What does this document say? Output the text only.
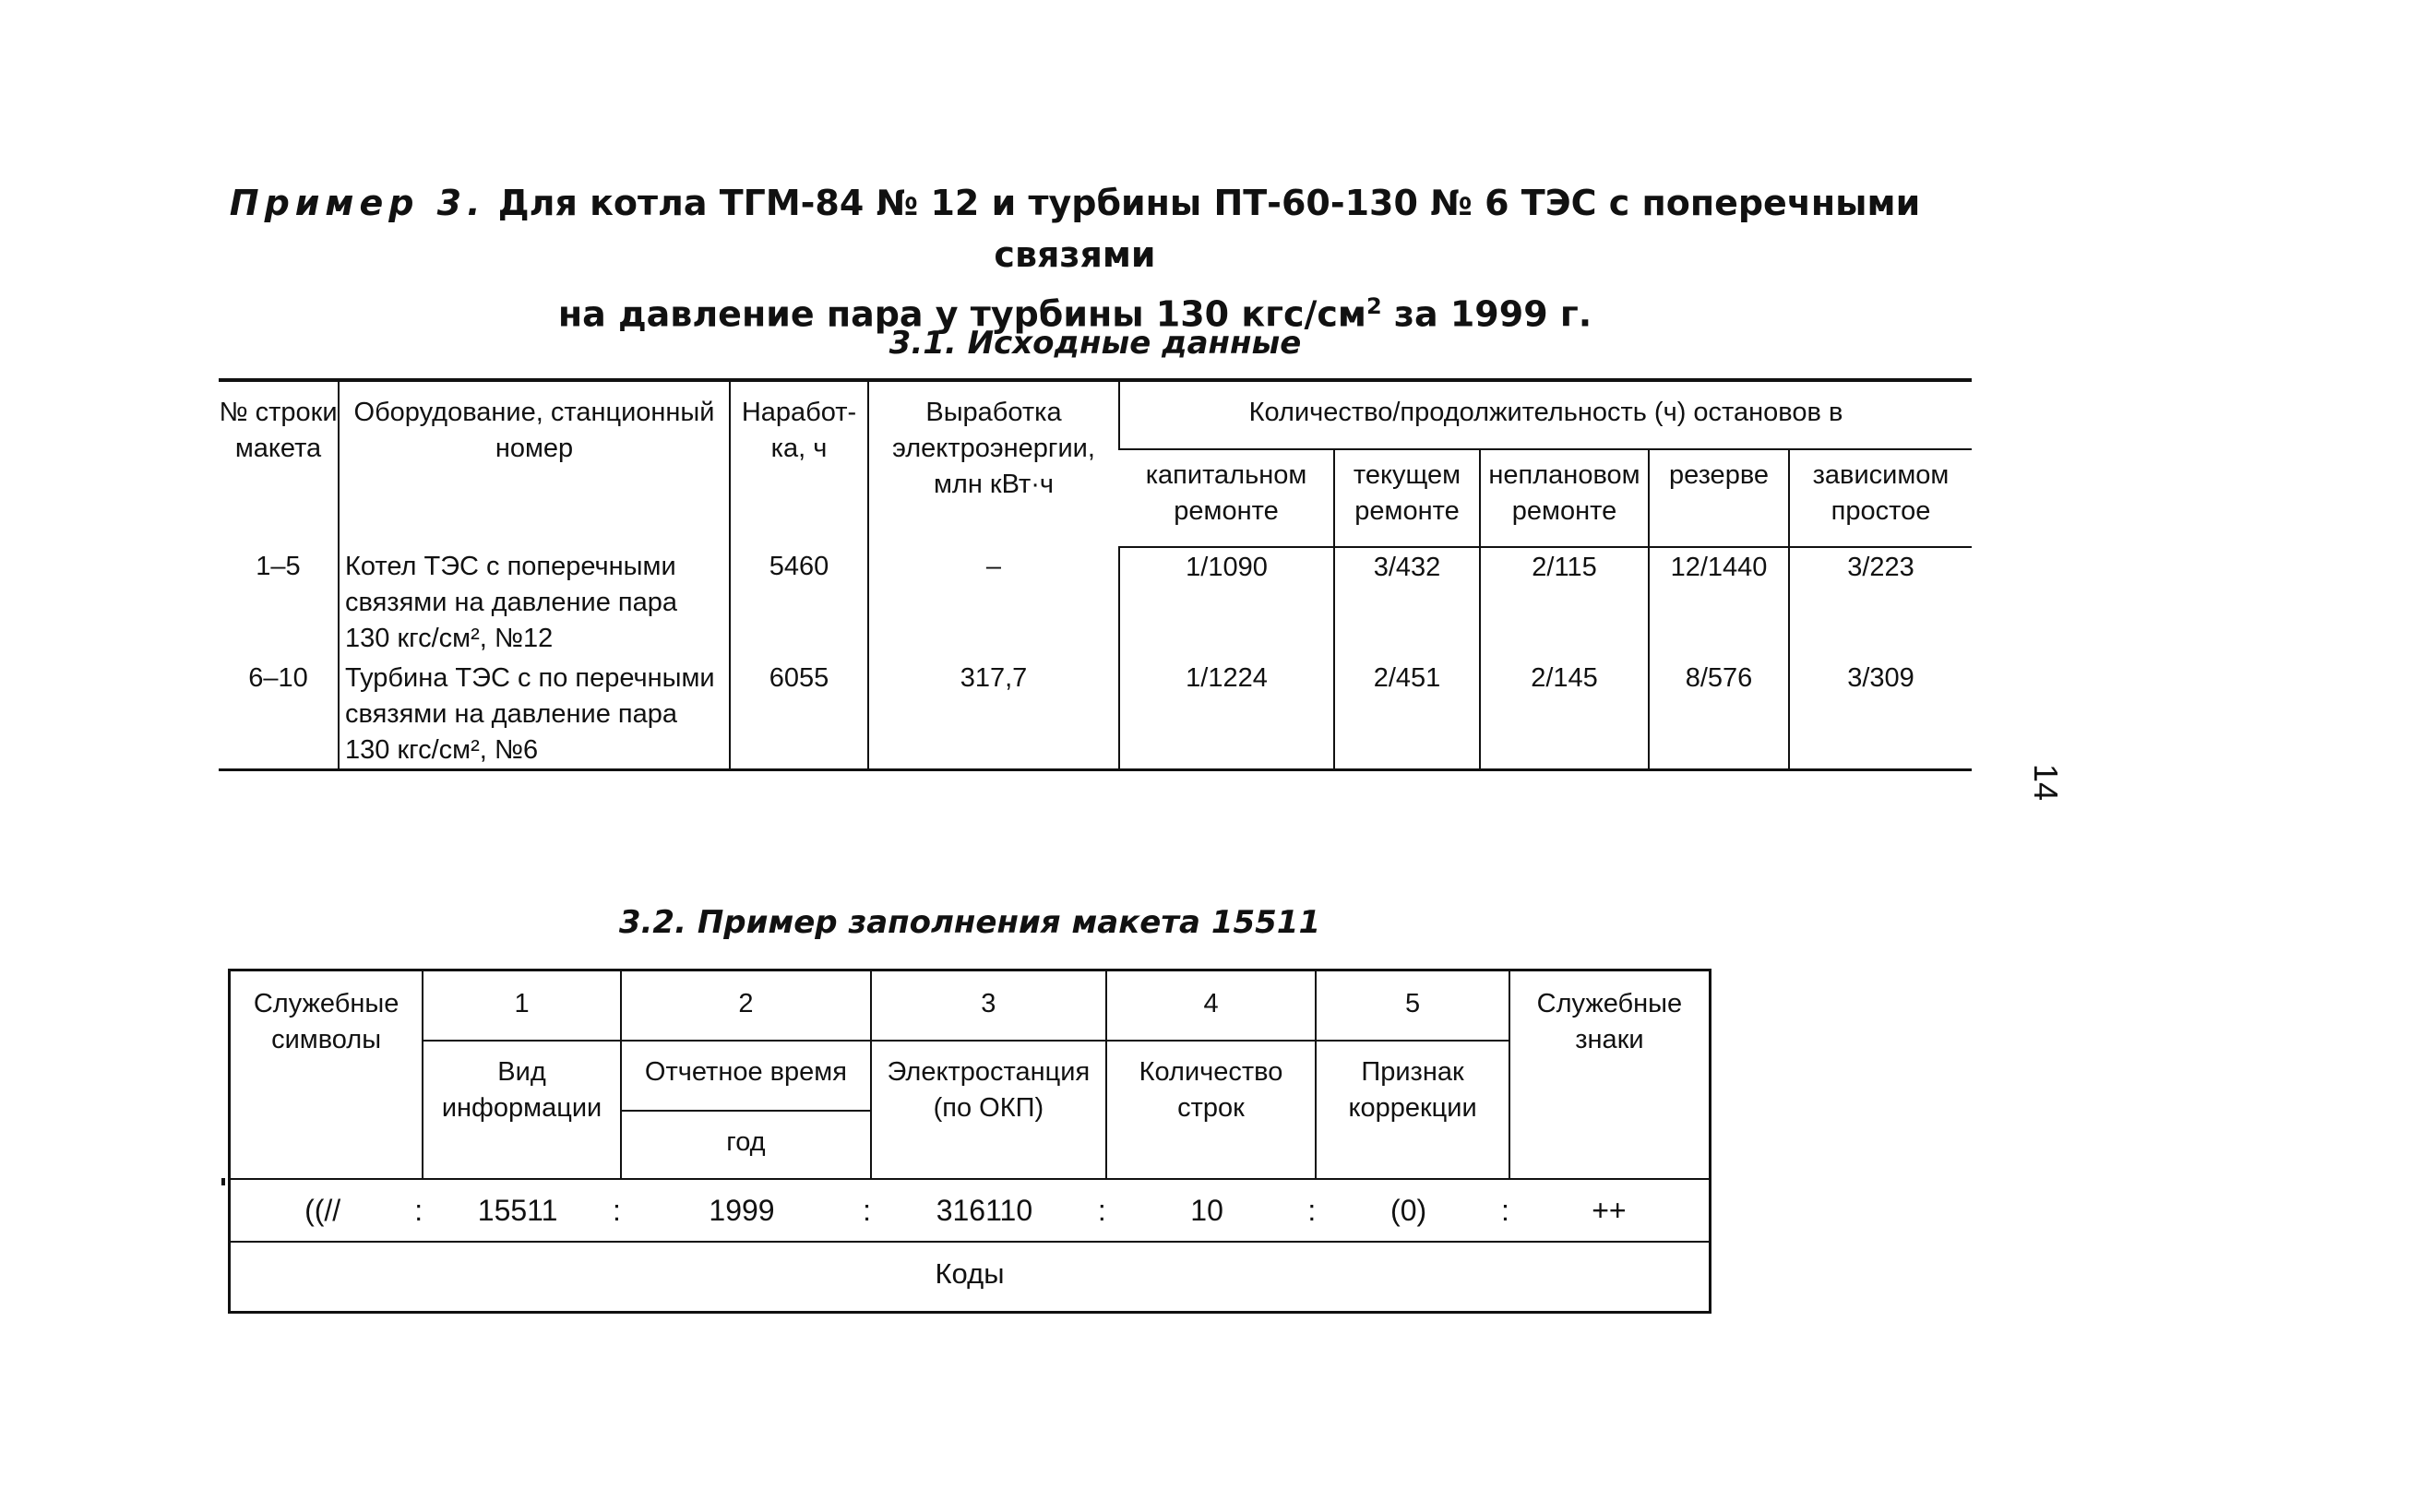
Пример 3. Для котла ТГМ-84 № 12 и турбины ПТ-60-130 № 6 ТЭС с поперечными связями
на давление пара у турбины 130 кгс/$см^2$ за 1999 г.
3.1. Исходные данные
№ строки макета	Оборудование, станционный номер	Наработ-ка, ч	Выработка электроэнергии, млн кВт·ч	Количество/продолжительность (ч) остановов в				
				капитальном ремонте	текущем ремонте	неплановом ремонте	резерве	зависимом простое
1–5	Котел ТЭС с поперечными связями на давление пара 130 кгс/см², №12	5460	–	1/1090	3/432	2/115	12/1440	3/223
6–10	Турбина ТЭС с по перечными связями на давление пара 130 кгс/см², №6	6055	317,7	1/1224	2/451	2/145	8/576	3/309
3.2. Пример заполнения макета 15511
Служебные символы	1	2	3	4	5	Служебные знаки
	Вид информации	Отчетное время	Электростанция (по ОКП)	Количество строк	Признак коррекции	
		год				
((// :	15511 :	1999 :	316110 :	10 :	(0) :	++
Коды						
14
